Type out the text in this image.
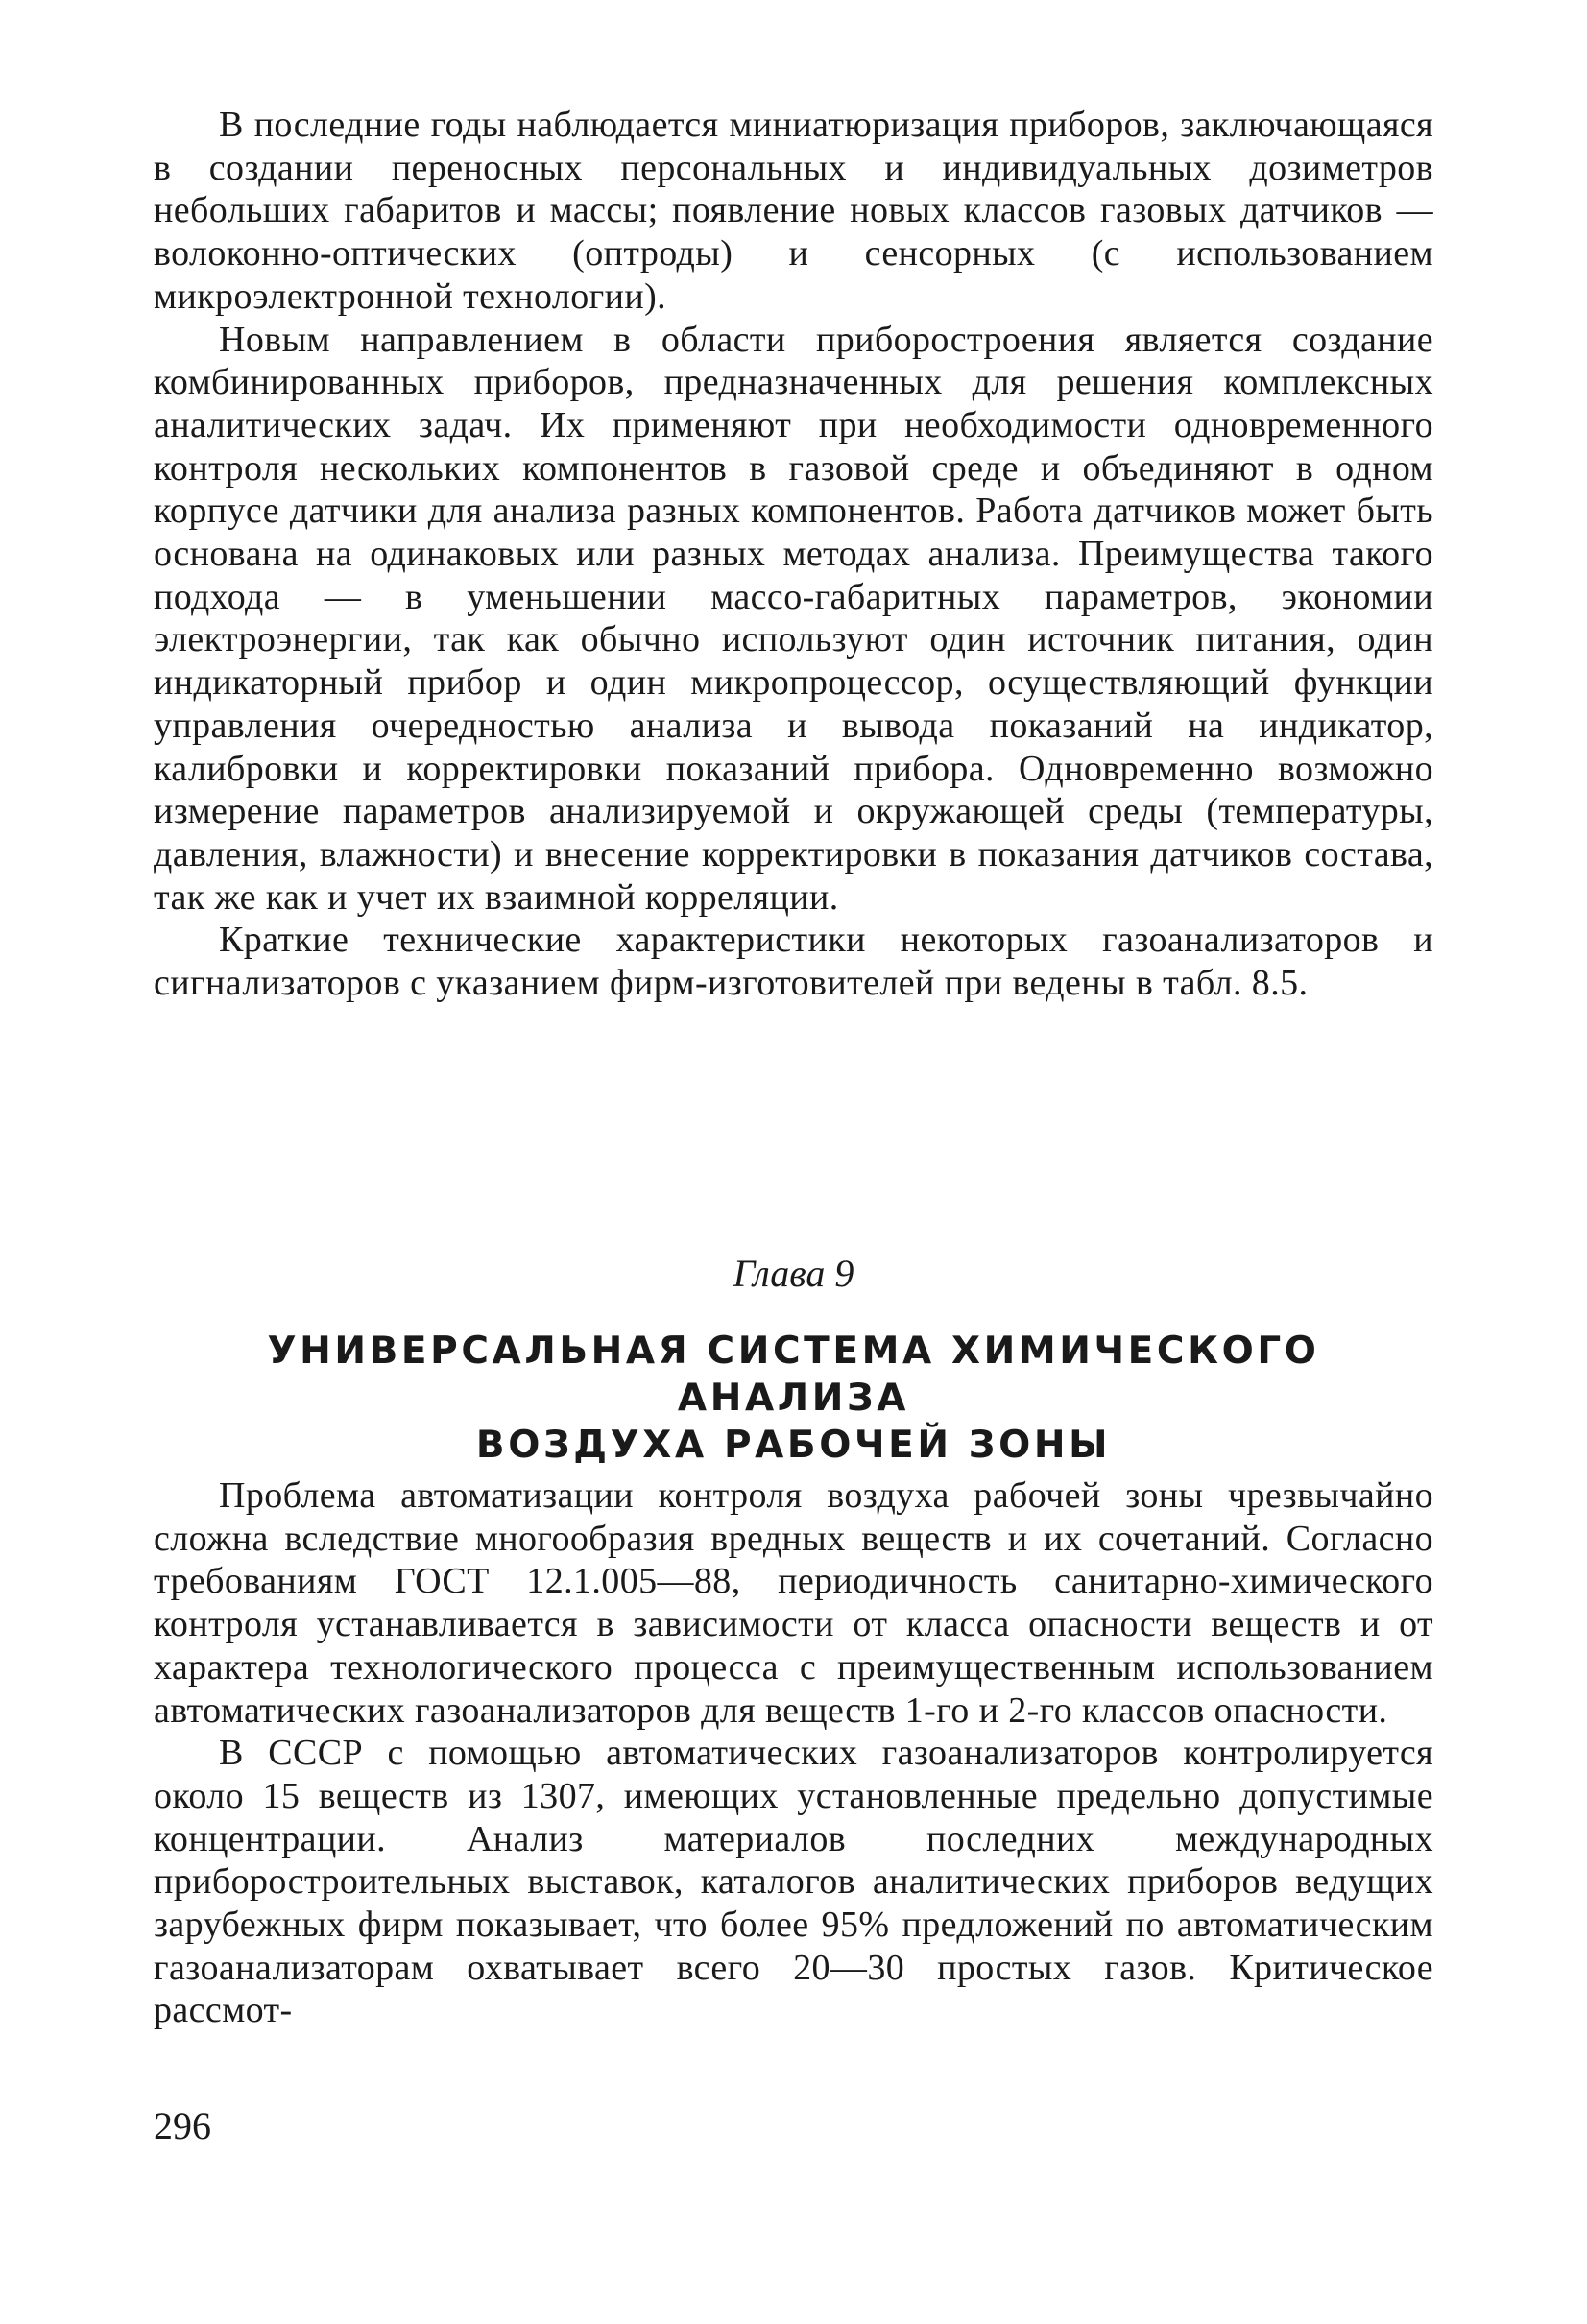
В последние годы наблюдается миниатюризация приборов, заключающаяся в создании переносных персональных и индивидуальных дозиметров небольших габаритов и массы; появление новых классов газовых датчиков — волоконно-оптических (оптроды) и сенсорных (с использованием микроэлектронной технологии).

Новым направлением в области приборостроения является создание комбинированных приборов, предназначенных для решения комплексных аналитических задач. Их применяют при необходимости одновременного контроля нескольких компонентов в газовой среде и объединяют в одном корпусе датчики для анализа разных компонентов. Работа датчиков может быть основана на одинаковых или разных методах анализа. Преимущества такого подхода — в уменьшении массо-габаритных параметров, экономии электроэнергии, так как обычно используют один источник питания, один индикаторный прибор и один микропроцессор, осуществляющий функции управления очередностью анализа и вывода показаний на индикатор, калибровки и корректировки показаний прибора. Одновременно возможно измерение параметров анализируемой и окружающей среды (температуры, давления, влажности) и внесение корректировки в показания датчиков состава, так же как и учет их взаимной корреляции.

Краткие технические характеристики некоторых газоанализаторов и сигнализаторов с указанием фирм-изготовителей при ведены в табл. 8.5.

Глава 9
УНИВЕРСАЛЬНАЯ СИСТЕМА ХИМИЧЕСКОГО АНАЛИЗА
ВОЗДУХА РАБОЧЕЙ ЗОНЫ

Проблема автоматизации контроля воздуха рабочей зоны чрезвычайно сложна вследствие многообразия вредных веществ и их сочетаний. Согласно требованиям ГОСТ 12.1.005—88, периодичность санитарно-химического контроля устанавливается в зависимости от класса опасности веществ и от характера технологического процесса с преимущественным использованием автоматических газоанализаторов для веществ 1-го и 2-го классов опасности.

В СССР с помощью автоматических газоанализаторов контролируется около 15 веществ из 1307, имеющих установленные предельно допустимые концентрации. Анализ материалов последних международных приборостроительных выставок, каталогов аналитических приборов ведущих зарубежных фирм показывает, что более 95% предложений по автоматическим газоанализаторам охватывает всего 20—30 простых газов. Критическое рассмот-

296
